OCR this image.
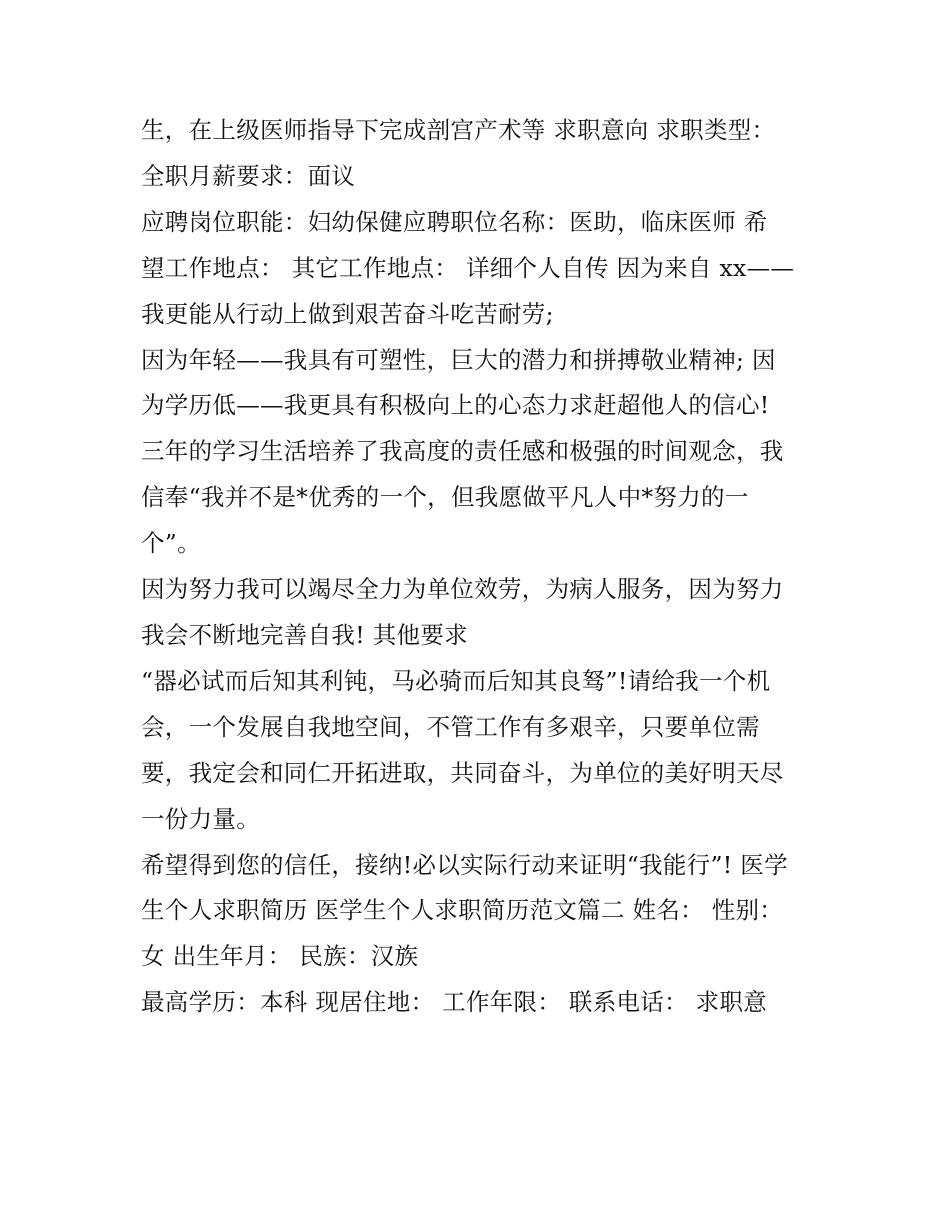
生，在上级医师指导下完成剖宫产术等 求职意向 求职类型：
全职月薪要求：面议
应聘岗位职能：妇幼保健应聘职位名称：医助，临床医师 希
望工作地点： 其它工作地点： 详细个人自传 因为来自 xx——
我更能从行动上做到艰苦奋斗吃苦耐劳;
因为年轻——我具有可塑性，巨大的潜力和拼搏敬业精神; 因
为学历低——我更具有积极向上的心态力求赶超他人的信心!
三年的学习生活培养了我高度的责任感和极强的时间观念，我
信奉“我并不是*优秀的一个，但我愿做平凡人中*努力的一
个”。
因为努力我可以竭尽全力为单位效劳，为病人服务，因为努力
我会不断地完善自我! 其他要求
“器必试而后知其利钝，马必骑而后知其良驽”!请给我一个机
会，一个发展自我地空间，不管工作有多艰辛，只要单位需
要，我定会和同仁开拓进取，共同奋斗，为单位的美好明天尽
一份力量。
希望得到您的信任，接纳!必以实际行动来证明“我能行”! 医学
生个人求职简历 医学生个人求职简历范文篇二 姓名： 性别：
女 出生年月： 民族：汉族
最高学历：本科 现居住地： 工作年限： 联系电话： 求职意
